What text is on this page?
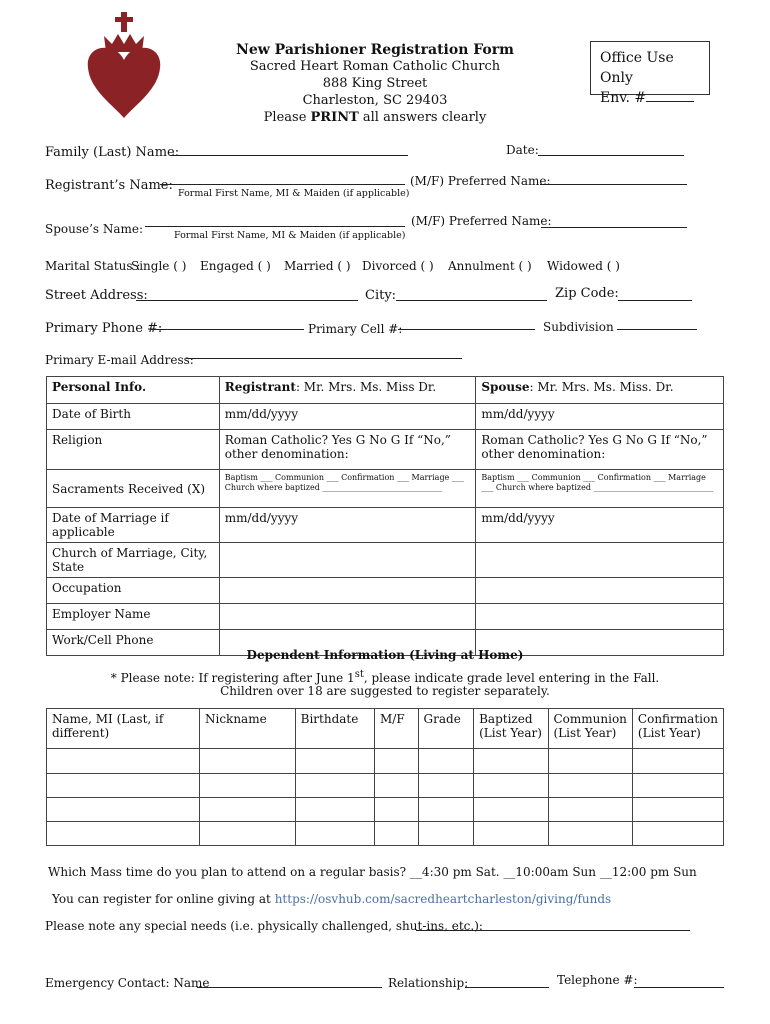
New Parishioner Registration Form
Sacred Heart Roman Catholic Church
888 King Street
Charleston, SC 29403
Please PRINT all answers clearly
Office Use Only
Env. #
Family (Last) Name:	Date:
Registrant’s Name:
Formal First Name, MI & Maiden (if applicable)
(M/F) Preferred Name:
Spouse’s Name:	Formal First Name, MI & Maiden (if applicable)
(M/F) Preferred Name:
Marital Status :
Single ( ) Engaged ( ) Married ( ) Divorced ( ) Annulment ( ) Widowed ( )
Street Address:	City:	Zip Code:
Primary Phone #:	Primary Cell #:	Subdivision
Primary E-mail Address:
Personal Info.	Registrant: Mr. Mrs. Ms. Miss Dr.	Spouse: Mr. Mrs. Ms. Miss. Dr.
Date of Birth	mm/dd/yyyy	mm/dd/yyyy
Religion	Roman Catholic? Yes G No G If “No,” other denomination:	Roman Catholic? Yes G No G If “No,” other denomination:
Sacraments Received (X)	Baptism ___ Communion ___ Confirmation ___ Marriage ___ Church where baptized ______________________________	Baptism ___ Communion ___ Confirmation ___ Marriage ___ Church where baptized ______________________________
Date of Marriage if applicable	mm/dd/yyyy	mm/dd/yyyy
Church of Marriage, City, State		
Occupation		
Employer Name		
Work/Cell Phone		
Dependent Information (Living at Home)
* Please note: If registering after June 1st, please indicate grade level entering in the Fall.
Children over 18 are suggested to register separately.
Name, MI (Last, if different)	Nickname	Birthdate	M/F	Grade	Baptized (List Year)	Communion (List Year)	Confirmation (List Year)

Which Mass time do you plan to attend on a regular basis? __4:30 pm Sat. __10:00am Sun __12:00 pm Sun
You can register for online giving at https://osvhub.com/sacredheartcharleston/giving/funds
Please note any special needs (i.e. physically challenged, shut-ins, etc.):
Emergency Contact: Name	Relationship:	Telephone #:
